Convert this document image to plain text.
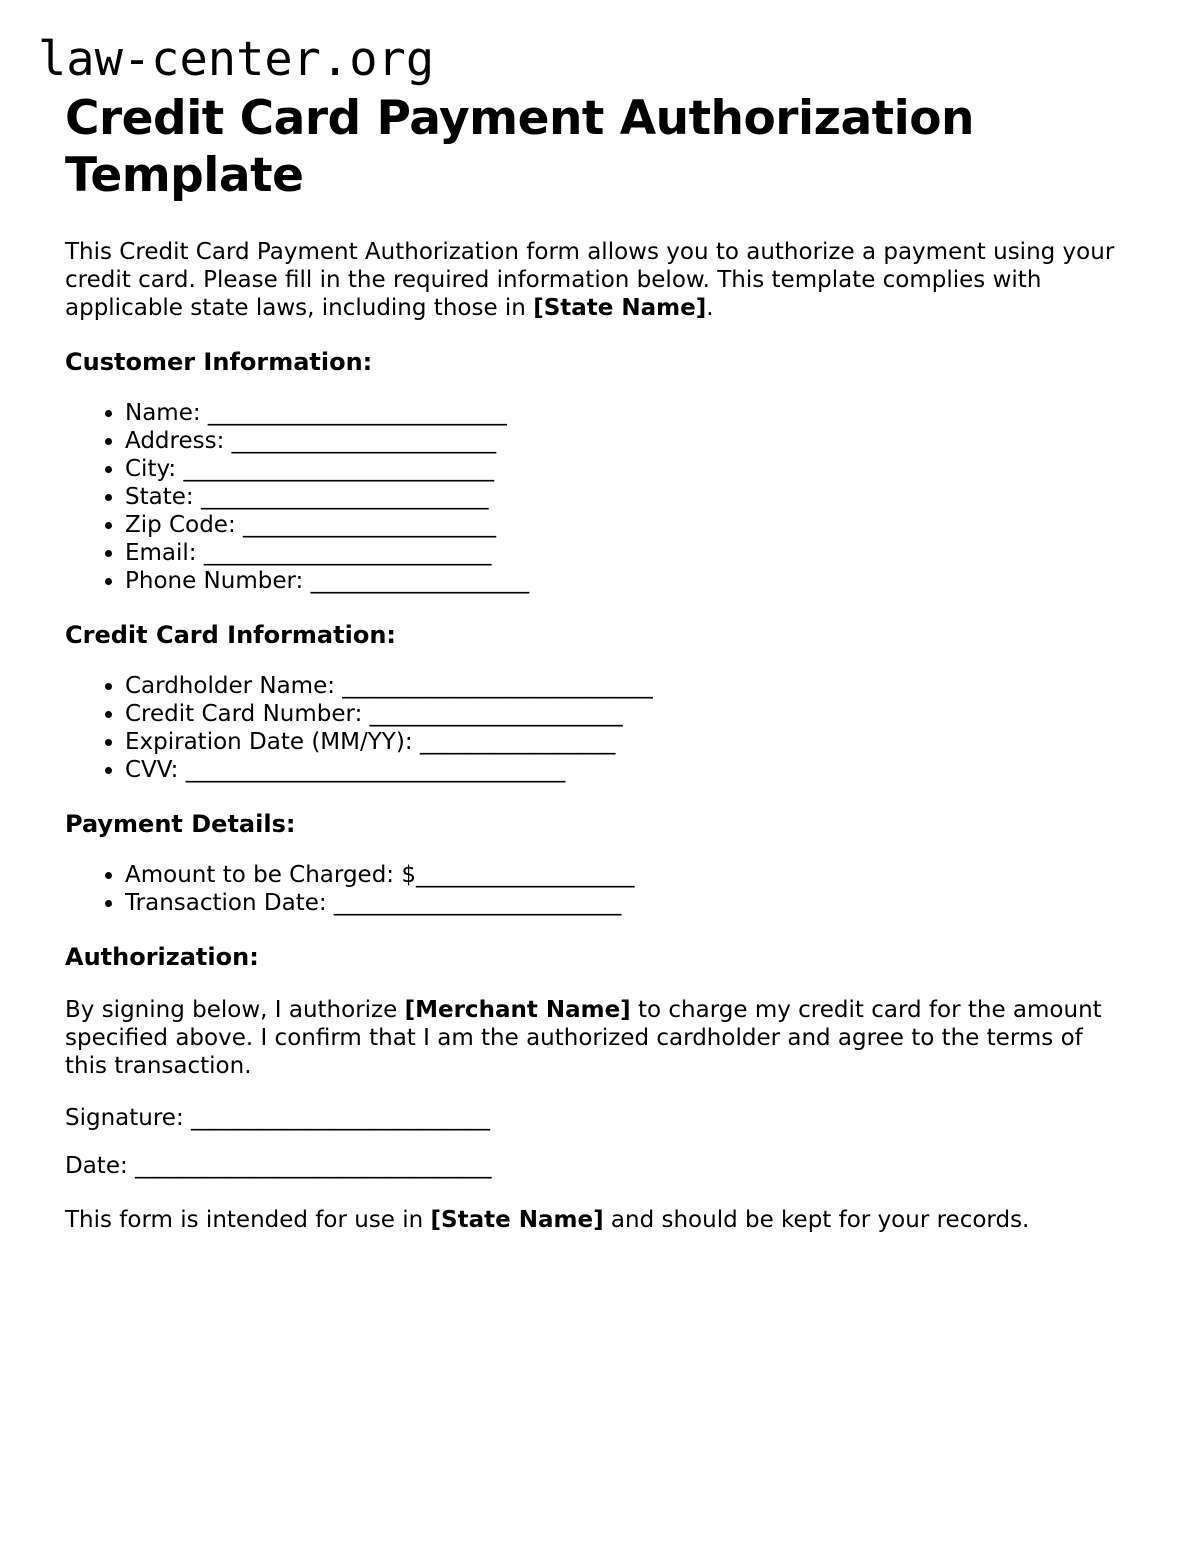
law-center.org
Credit Card Payment Authorization Template

This Credit Card Payment Authorization form allows you to authorize a payment using your credit card. Please fill in the required information below. This template complies with applicable state laws, including those in [State Name].

Customer Information:
• Name: __________________________
• Address: _______________________
• City: ___________________________
• State: _________________________
• Zip Code: ______________________
• Email: _________________________
• Phone Number: ___________________
Credit Card Information:
• Cardholder Name: ___________________________
• Credit Card Number: ______________________
• Expiration Date (MM/YY): _________________
• CVV: _________________________________
Payment Details:
• Amount to be Charged: $___________________
• Transaction Date: _________________________
Authorization:

By signing below, I authorize [Merchant Name] to charge my credit card for the amount specified above. I confirm that I am the authorized cardholder and agree to the terms of this transaction.

Signature: __________________________

Date: _______________________________

This form is intended for use in [State Name] and should be kept for your records.
